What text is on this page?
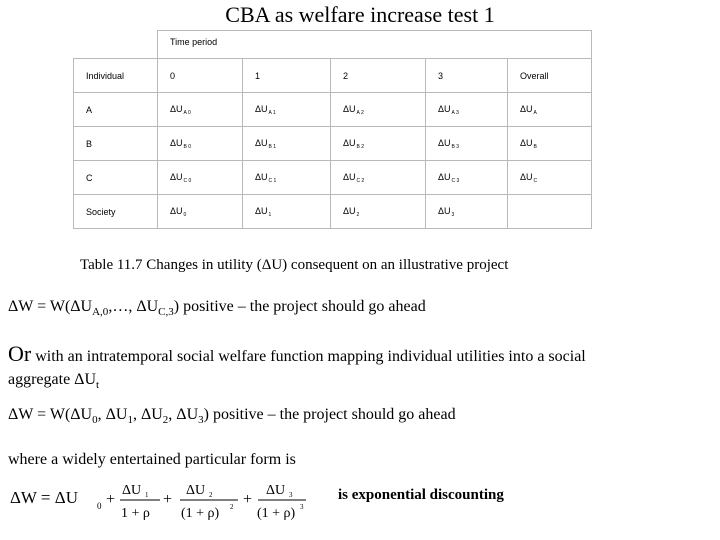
CBA as welfare increase test 1
	Time period				
Individual	0	1	2	3	Overall
A	$\Delta U_{A 0}$	$\Delta U_{A 1}$	$\Delta U_{A 2}$	$\Delta U_{A 3}$	$\Delta U_A$
B	$\Delta U_{B 0}$	$\Delta U_{B 1}$	$\Delta U_{B 2}$	$\Delta U_{B 3}$	$\Delta U_B$
C	$\Delta U_{C 0}$	$\Delta U_{C 1}$	$\Delta U_{C 2}$	$\Delta U_{C 3}$	$\Delta U_C$
Society	$\Delta U_0$	$\Delta U_1$	$\Delta U_2$	$\Delta U_3$	
Table 11.7 Changes in utility (ΔU) consequent on an illustrative project
$\Delta W = W(\Delta U_{A,0},\dots$, $\Delta U_{C,3}$) positive – the project should go ahead
Or with an intratemporal social welfare function mapping individual utilities into a social
aggregate $\Delta U_t$
$\Delta W = W(\Delta U_0$, $\Delta U_1$, $\Delta U_2$, $\Delta U_3$) positive – the project should go ahead
where a widely entertained particular form is
ΔW = ΔU 0 +
ΔU 1
1 + ρ
+
ΔU 2
(1 + ρ) 2 +
ΔU 3
(1 + ρ) 3
is exponential discounting
